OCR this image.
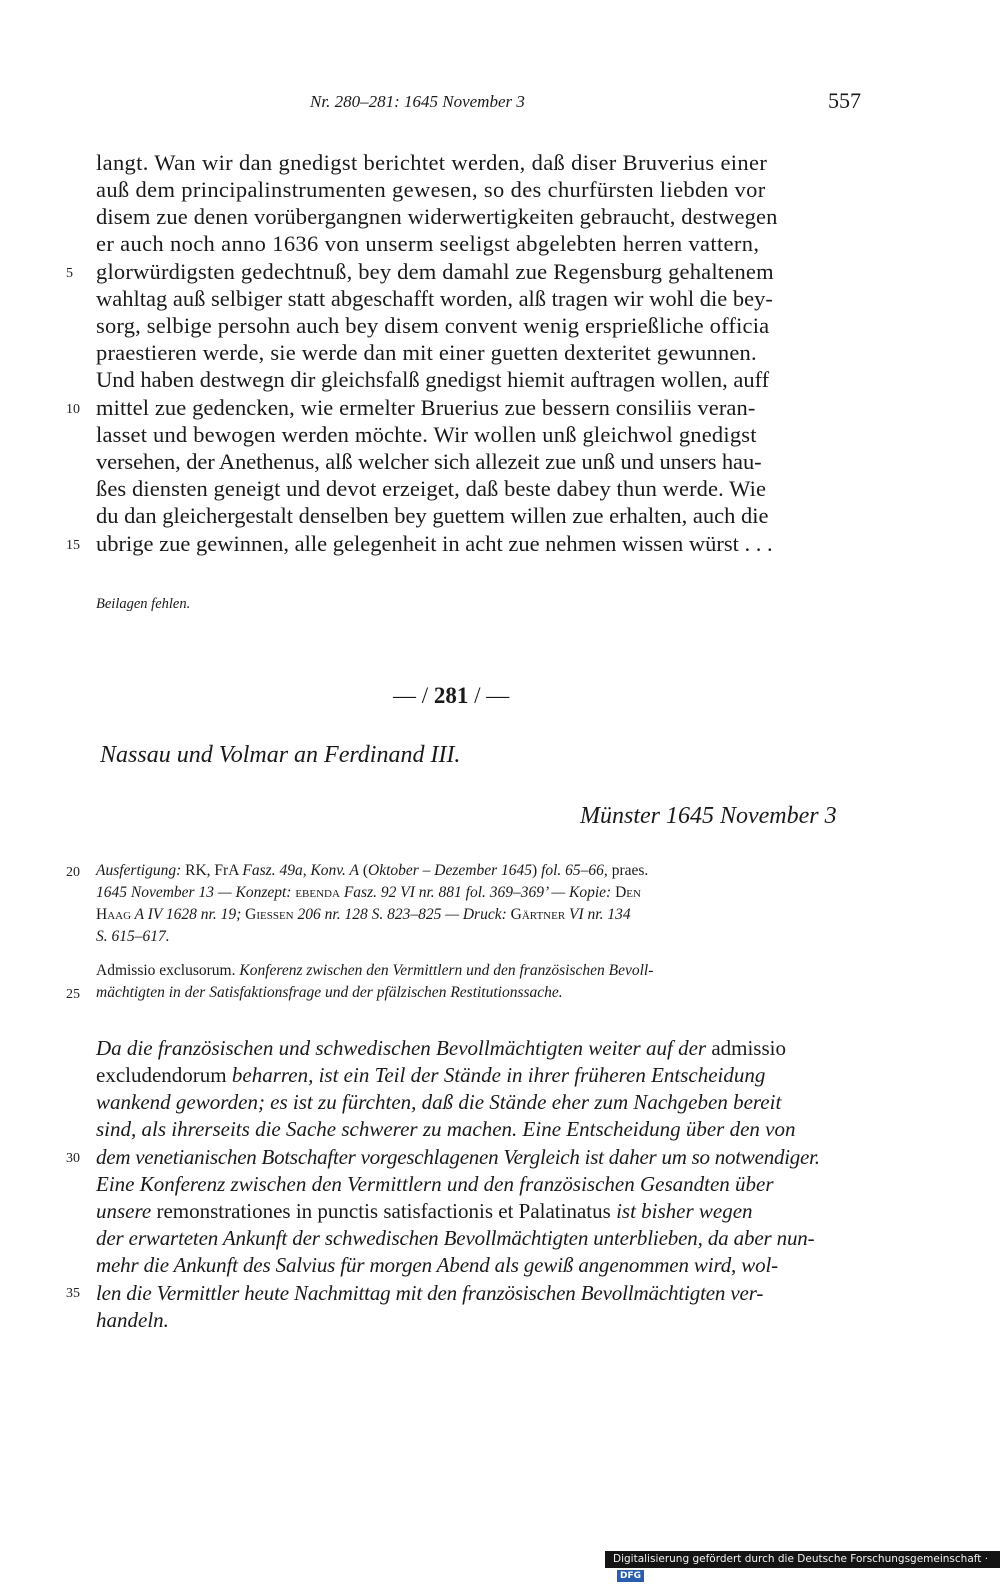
Nr. 280–281: 1645 November 3	557
langt. Wan wir dan gnedigst berichtet werden, daß diser Bruverius einer
auß dem principalinstrumenten gewesen, so des churfürsten liebden vor
disem zue denen vorübergangnen widerwertigkeiten gebraucht, destwegen
er auch noch anno 1636 von unserm seeligst abgelebten herren vattern,
glorwürdigsten gedechtnuß, bey dem damahl zue Regensburg gehaltenem
wahltag auß selbiger statt abgeschafft worden, alß tragen wir wohl die bey-
sorg, selbige persohn auch bey disem convent wenig ersprießliche officia
praestieren werde, sie werde dan mit einer guetten dexteritet gewunnen.
Und haben destwegn dir gleichsfalß gnedigst hiemit auftragen wollen, auff
mittel zue gedencken, wie ermelter Bruerius zue bessern consiliis veran-
lasset und bewogen werden möchte. Wir wollen unß gleichwol gnedigst
versehen, der Anethenus, alß welcher sich allezeit zue unß und unsers hau-
ßes diensten geneigt und devot erzeiget, daß beste dabey thun werde. Wie
du dan gleichergestalt denselben bey guettem willen zue erhalten, auch die
ubrige zue gewinnen, alle gelegenheit in acht zue nehmen wissen würst . . .
5
10
15
20
25
30
35
Beilagen fehlen.
— / 281 / —
Nassau und Volmar an Ferdinand III.
Münster 1645 November 3
Ausfertigung: RK, FrA Fasz. 49a, Konv. A (Oktober – Dezember 1645) fol. 65–66, praes.
1645 November 13 — Konzept: ebenda Fasz. 92 VI nr. 881 fol. 369–369’ — Kopie: Den
Haag A IV 1628 nr. 19; Giessen 206 nr. 128 S. 823–825 — Druck: Gärtner VI nr. 134
S. 615–617.
Admissio exclusorum. Konferenz zwischen den Vermittlern und den französischen Bevoll-
mächtigten in der Satisfaktionsfrage und der pfälzischen Restitutionssache.
Da die französischen und schwedischen Bevollmächtigten weiter auf der admissio
excludendorum beharren, ist ein Teil der Stände in ihrer früheren Entscheidung
wankend geworden; es ist zu fürchten, daß die Stände eher zum Nachgeben bereit
sind, als ihrerseits die Sache schwerer zu machen. Eine Entscheidung über den von
dem venetianischen Botschafter vorgeschlagenen Vergleich ist daher um so notwendiger.
Eine Konferenz zwischen den Vermittlern und den französischen Gesandten über
unsere remonstrationes in punctis satisfactionis et Palatinatus ist bisher wegen
der erwarteten Ankunft der schwedischen Bevollmächtigten unterblieben, da aber nun-
mehr die Ankunft des Salvius für morgen Abend als gewiß angenommen wird, wol-
len die Vermittler heute Nachmittag mit den französischen Bevollmächtigten ver-
handeln.
Digitalisierung gefördert durch die Deutsche Forschungsgemeinschaft · DFG
